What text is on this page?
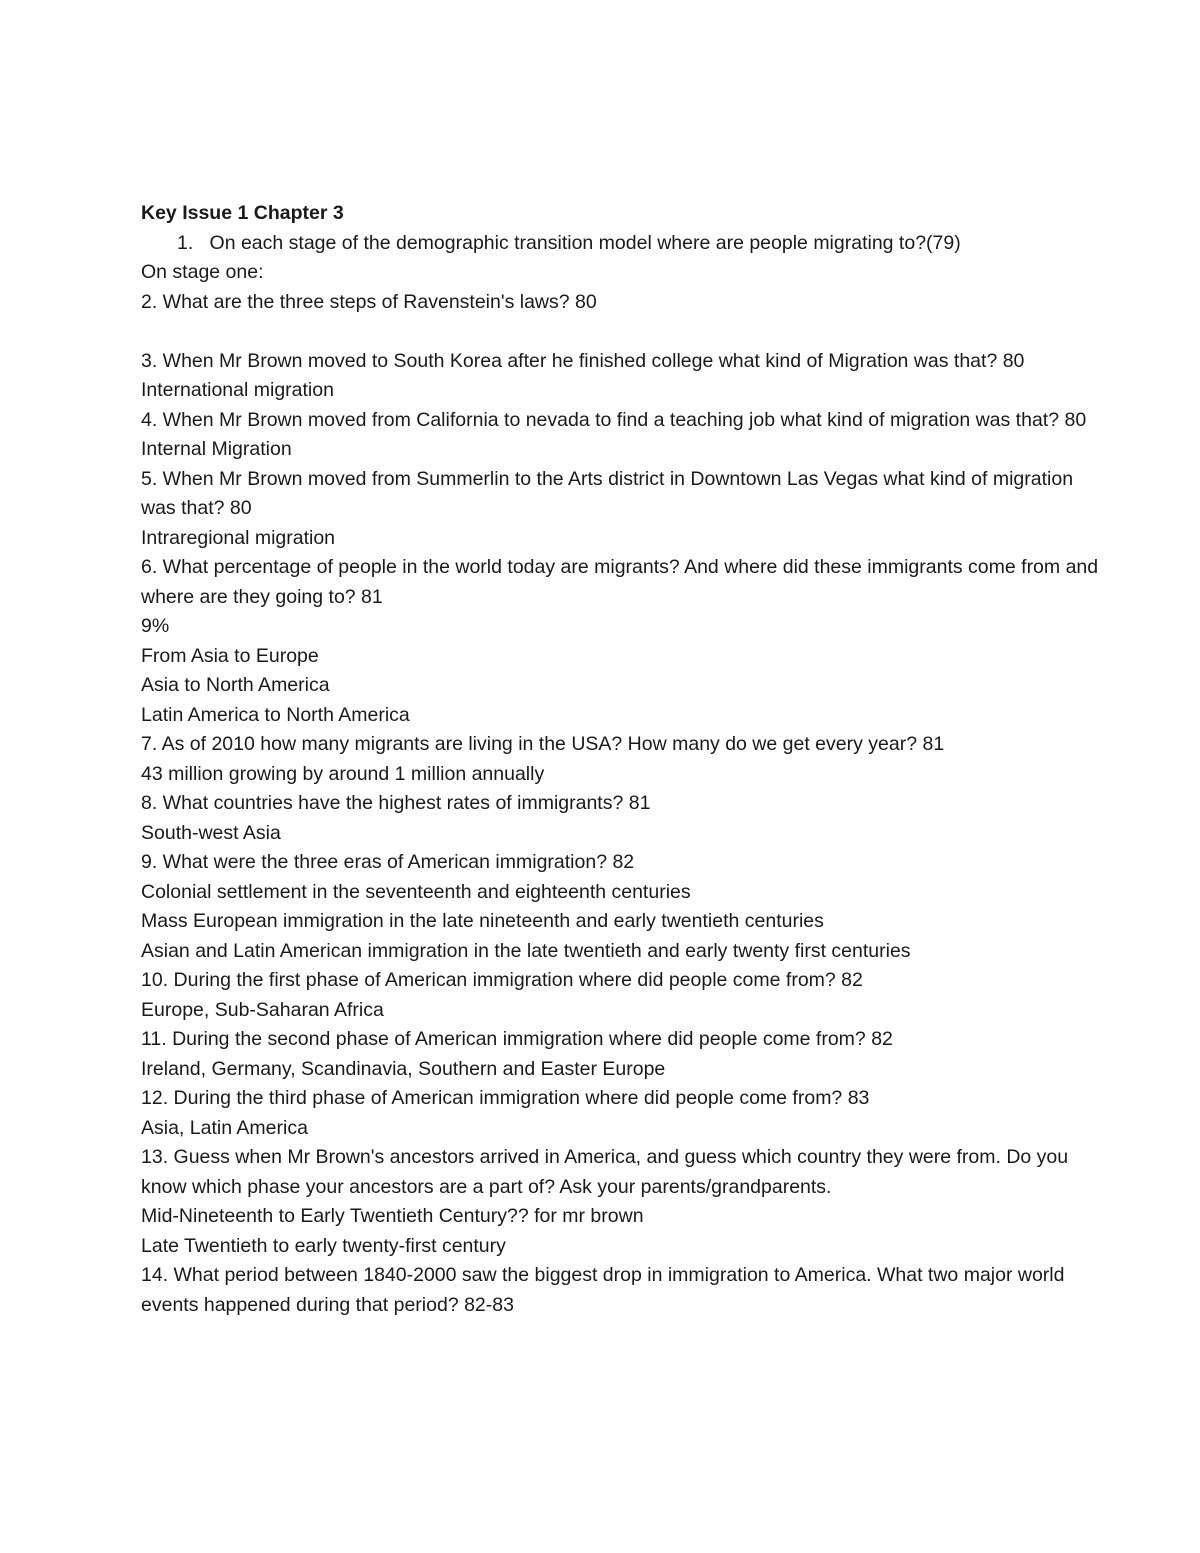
Key Issue 1 Chapter 3

1. On each stage of the demographic transition model where are people migrating to?(79)

On stage one:

2. What are the three steps of Ravenstein's laws? 80

3. When Mr Brown moved to South Korea after he finished college what kind of Migration was that? 80

International migration

4. When Mr Brown moved from California to nevada to find a teaching job what kind of migration was that? 80

Internal Migration

5. When Mr Brown moved from Summerlin to the Arts district in Downtown Las Vegas what kind of migration was that? 80

Intraregional migration

6. What percentage of people in the world today are migrants? And where did these immigrants come from and where are they going to? 81

9%

From Asia to Europe

Asia to North America

Latin America to North America

7. As of 2010 how many migrants are living in the USA? How many do we get every year? 81

43 million growing by around 1 million annually

8. What countries have the highest rates of immigrants? 81

South-west Asia

9. What were the three eras of American immigration? 82

Colonial settlement in the seventeenth and eighteenth centuries

Mass European immigration in the late nineteenth and early twentieth centuries

Asian and Latin American immigration in the late twentieth and early twenty first centuries

10. During the first phase of American immigration where did people come from? 82

Europe, Sub-Saharan Africa

11. During the second phase of American immigration where did people come from? 82

Ireland, Germany, Scandinavia, Southern and Easter Europe

12. During the third phase of American immigration where did people come from? 83

Asia, Latin America

13. Guess when Mr Brown's ancestors arrived in America, and guess which country they were from. Do you know which phase your ancestors are a part of? Ask your parents/grandparents.

Mid-Nineteenth to Early Twentieth Century?? for mr brown

Late Twentieth to early twenty-first century

14. What period between 1840-2000 saw the biggest drop in immigration to America. What two major world events happened during that period? 82-83
